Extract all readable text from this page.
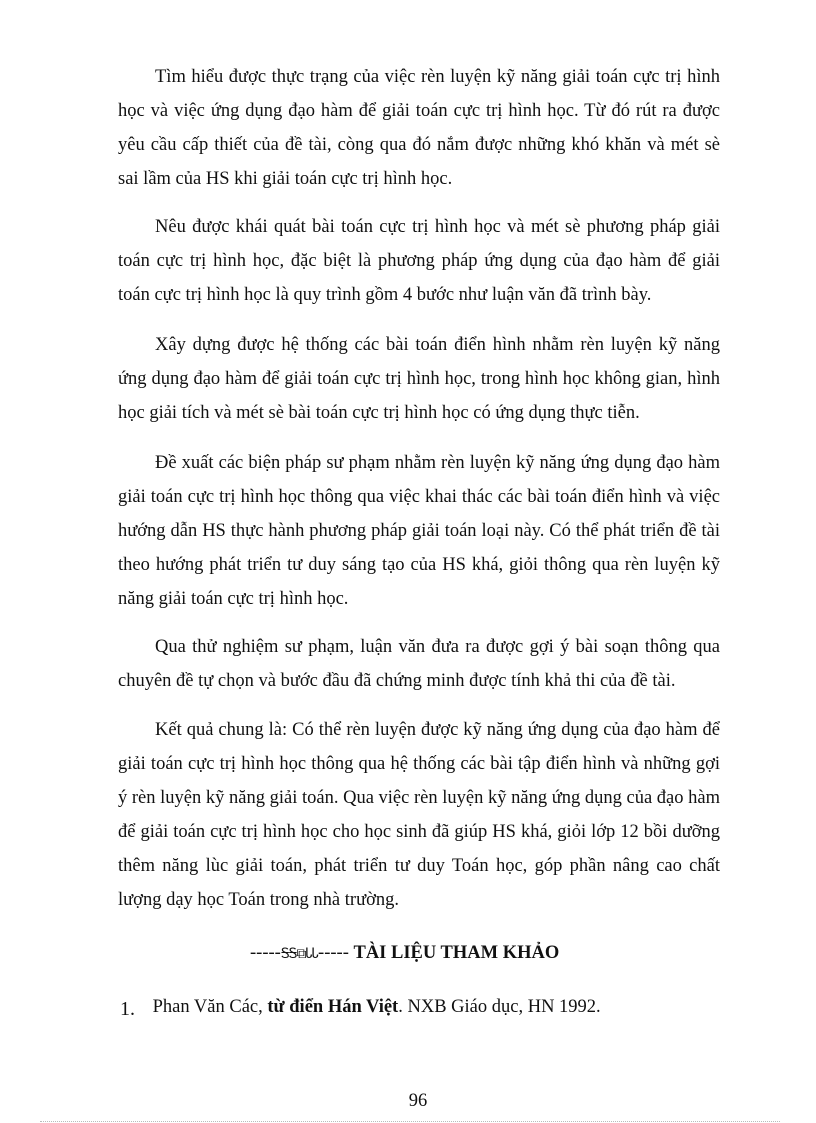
Tìm hiểu được thực trạng của việc rèn luyện kỹ năng giải toán cực trị hình học và việc ứng dụng đạo hàm để giải toán cực trị hình học. Từ đó rút ra được yêu cầu cấp thiết của đề tài, còng qua đó nắm được những khó khăn và mét sè sai lầm của HS khi giải toán cực trị hình học.

Nêu được khái quát bài toán cực trị hình học và mét sè phương pháp giải toán cực trị hình học, đặc biệt là phương pháp ứng dụng của đạo hàm để giải toán cực trị hình học là quy trình gồm 4 bước như luận văn đã trình bày.

Xây dựng được hệ thống các bài toán điển hình nhằm rèn luyện kỹ năng ứng dụng đạo hàm để giải toán cực trị hình học, trong hình học không gian, hình học giải tích và mét sè bài toán cực trị hình học có ứng dụng thực tiễn.

Đề xuất các biện pháp sư phạm nhằm rèn luyện kỹ năng ứng dụng đạo hàm giải toán cực trị hình học thông qua việc khai thác các bài toán điển hình và việc hướng dẫn HS thực hành phương pháp giải toán loại này. Có thể phát triển đề tài theo hướng phát triển tư duy sáng tạo của HS khá, giỏi thông qua rèn luyện kỹ năng giải toán cực trị hình học.

Qua thử nghiệm sư phạm, luận văn đưa ra được gợi ý bài soạn thông qua chuyên đề tự chọn và bước đầu đã chứng minh được tính khả thi của đề tài.

Kết quả chung là: Có thể rèn luyện được kỹ năng ứng dụng của đạo hàm để giải toán cực trị hình học thông qua hệ thống các bài tập điển hình và những gợi ý rèn luyện kỹ năng giải toán. Qua việc rèn luyện kỹ năng ứng dụng của đạo hàm để giải toán cực trị hình học cho học sinh đã giúp HS khá, giỏi lớp 12 bồi dưỡng thêm năng lùc giải toán, phát triển tư duy Toán học, góp phần nâng cao chất lượng dạy học Toán trong nhà trường.

-----ᎦᎦ⧉ᏓᏓ----- TÀI LIỆU THAM KHẢO
1. Phan Văn Các, từ điển Hán Việt. NXB Giáo dục, HN 1992.
96
